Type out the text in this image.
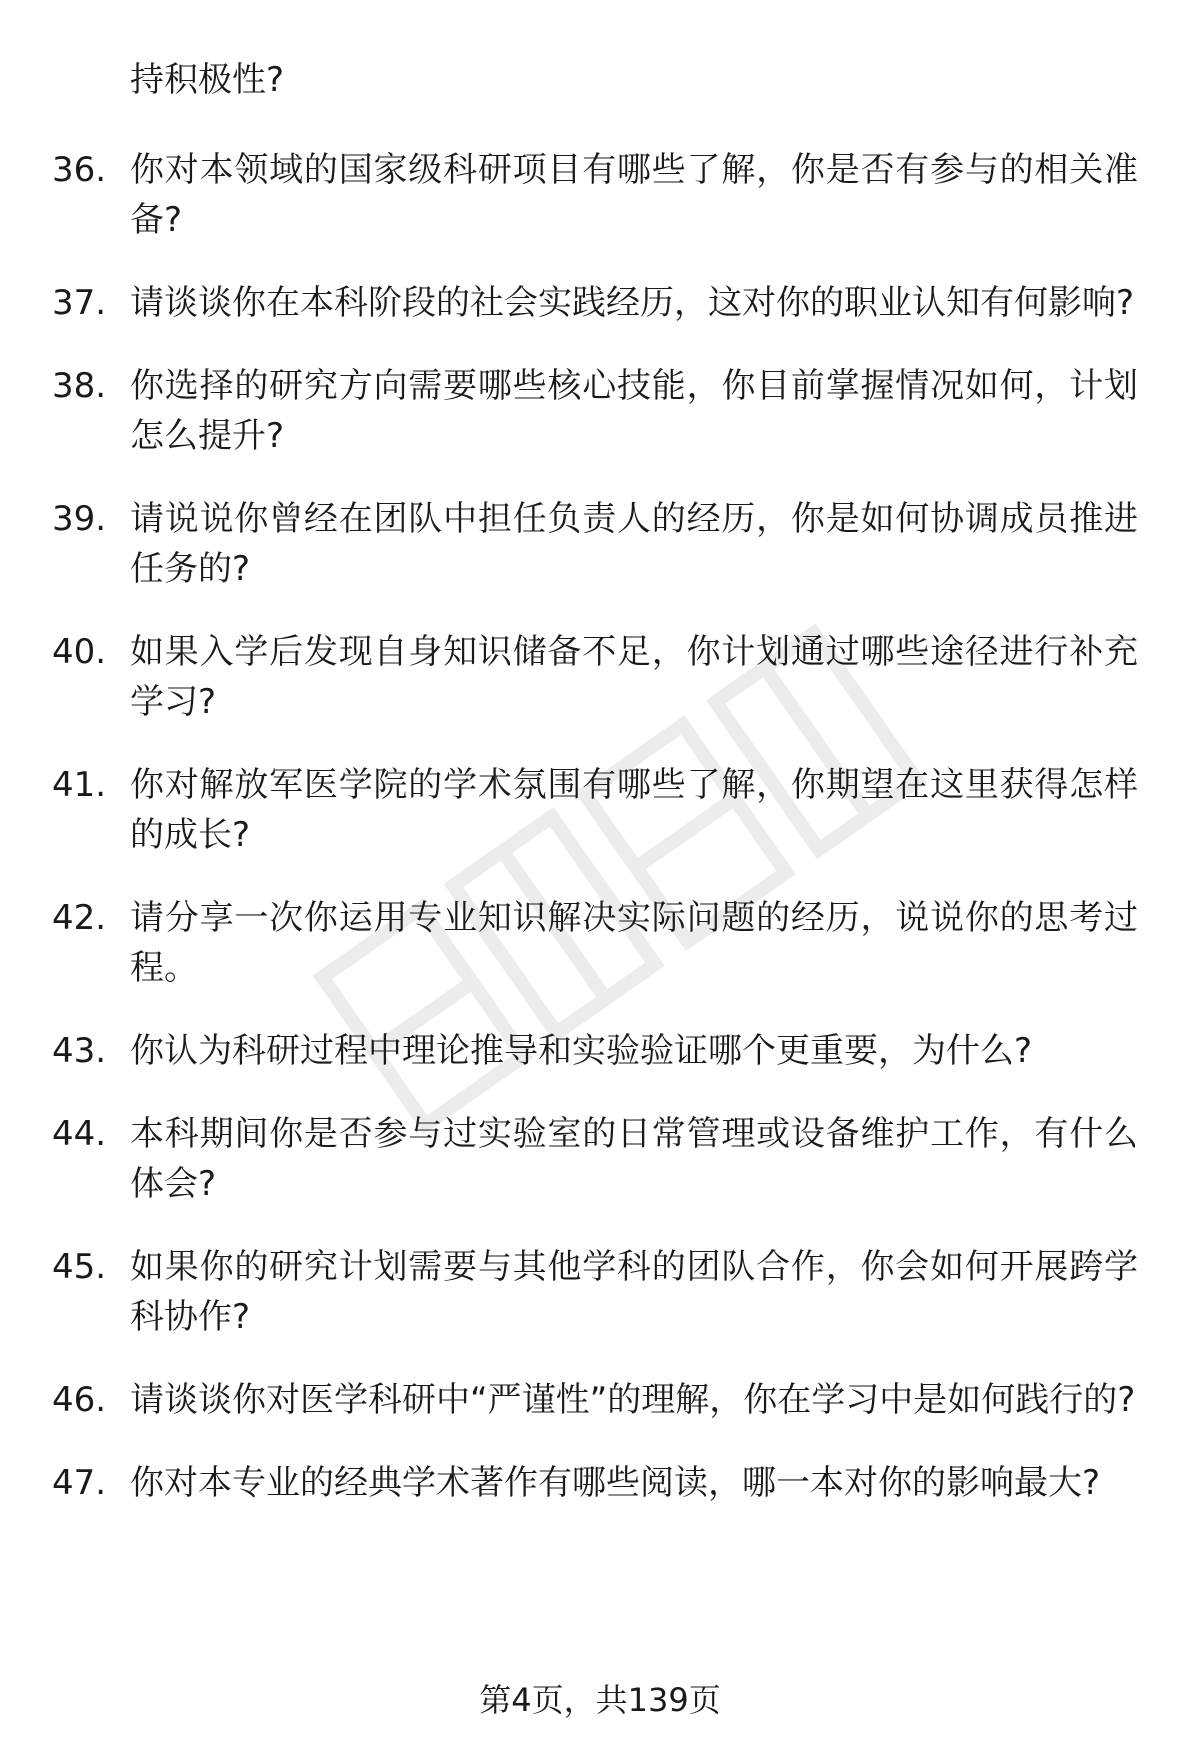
持积极性?

36. 你对本领域的国家级科研项目有哪些了解，你是否有参与的相关准备?
37. 请谈谈你在本科阶段的社会实践经历，这对你的职业认知有何影响?
38. 你选择的研究方向需要哪些核心技能，你目前掌握情况如何，计划怎么提升?
39. 请说说你曾经在团队中担任负责人的经历，你是如何协调成员推进任务的?
40. 如果入学后发现自身知识储备不足，你计划通过哪些途径进行补充学习?
41. 你对解放军医学院的学术氛围有哪些了解，你期望在这里获得怎样的成长?
42. 请分享一次你运用专业知识解决实际问题的经历，说说你的思考过程。
43. 你认为科研过程中理论推导和实验验证哪个更重要，为什么?
44. 本科期间你是否参与过实验室的日常管理或设备维护工作，有什么体会?
45. 如果你的研究计划需要与其他学科的团队合作，你会如何开展跨学科协作?
46. 请谈谈你对医学科研中“严谨性”的理解，你在学习中是如何践行的?
47. 你对本专业的经典学术著作有哪些阅读，哪一本对你的影响最大?
第4页，共139页
